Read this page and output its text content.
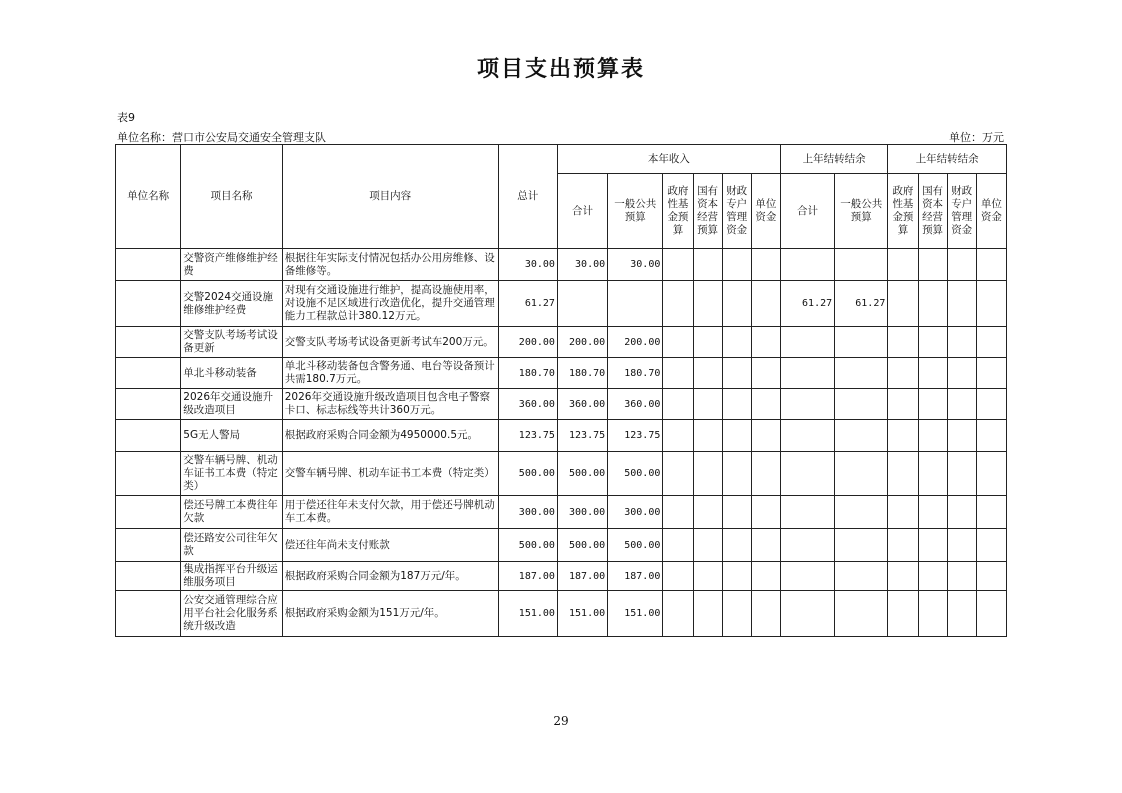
项目支出预算表
表9
单位名称：营口市公安局交通安全管理支队	单位：万元
单位名称	项目名称	项目内容	总计	本年收入						上年结转结余		上年结转结余			
				合计	一般公共预算	政府性基金预算	国有资本经营预算	财政专户管理资金	单位资金	合计	一般公共预算	政府性基金预算	国有资本经营预算	财政专户管理资金	单位资金
	交警资产维修维护经费	根据往年实际支付情况包括办公用房维修、设备维修等。	30.00	30.00	30.00										
	交警2024交通设施维修维护经费	对现有交通设施进行维护，提高设施使用率，对设施不足区域进行改造优化，提升交通管理能力工程款总计380.12万元。	61.27							61.27	61.27				
	交警支队考场考试设备更新	交警支队考场考试设备更新考试车200万元。	200.00	200.00	200.00										
	单北斗移动装备	单北斗移动装备包含警务通、电台等设备预计共需180.7万元。	180.70	180.70	180.70										
	2026年交通设施升级改造项目	2026年交通设施升级改造项目包含电子警察卡口、标志标线等共计360万元。	360.00	360.00	360.00										
	5G无人警局	根据政府采购合同金额为4950000.5元。	123.75	123.75	123.75										
	交警车辆号牌、机动车证书工本费（特定类）	交警车辆号牌、机动车证书工本费（特定类）	500.00	500.00	500.00										
	偿还号牌工本费往年欠款	用于偿还往年未支付欠款，用于偿还号牌机动车工本费。	300.00	300.00	300.00										
	偿还路安公司往年欠款	偿还往年尚未支付账款	500.00	500.00	500.00										
	集成指挥平台升级运维服务项目	根据政府采购合同金额为187万元/年。	187.00	187.00	187.00										
	公安交通管理综合应用平台社会化服务系统升级改造	根据政府采购金额为151万元/年。	151.00	151.00	151.00										
29
